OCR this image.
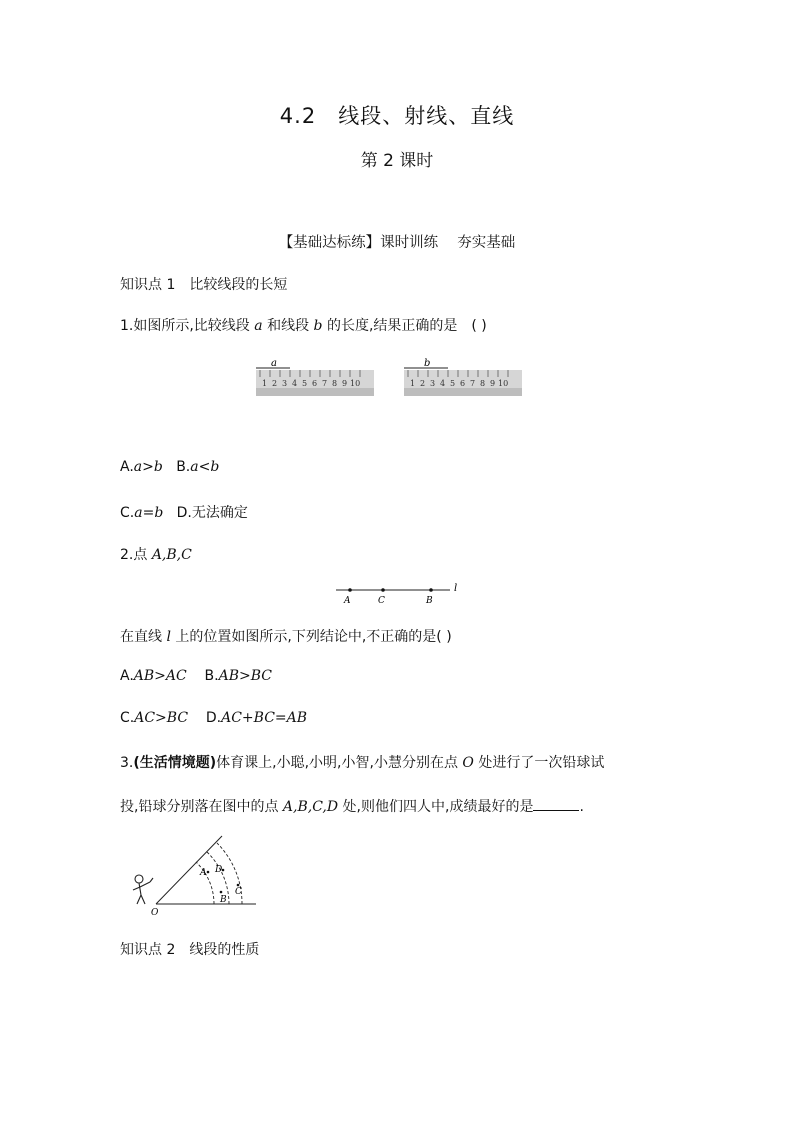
4.2　线段、射线、直线
第 2 课时
【基础达标练】课时训练　 夯实基础
知识点 1　比较线段的长短
1.如图所示,比较线段 a 和线段 b 的长度,结果正确的是　( )
a
1 2 3 4 5 6 7 8 9 10
b
1 2 3 4 5 6 7 8 9 10
A.a>b B.a<b
C.a=b D.无法确定
2.点 A,B,C
l
A	C	B
在直线 l 上的位置如图所示,下列结论中,不正确的是( )
A.AB>AC B.AB>BC
C.AC>BC D.AC+BC=AB
3.(生活情境题)体育课上,小聪,小明,小智,小慧分别在点 O 处进行了一次铅球试
投,铅球分别落在图中的点 A,B,C,D 处,则他们四人中,成绩最好的是	.
O
A D
B
C
知识点 2　线段的性质
